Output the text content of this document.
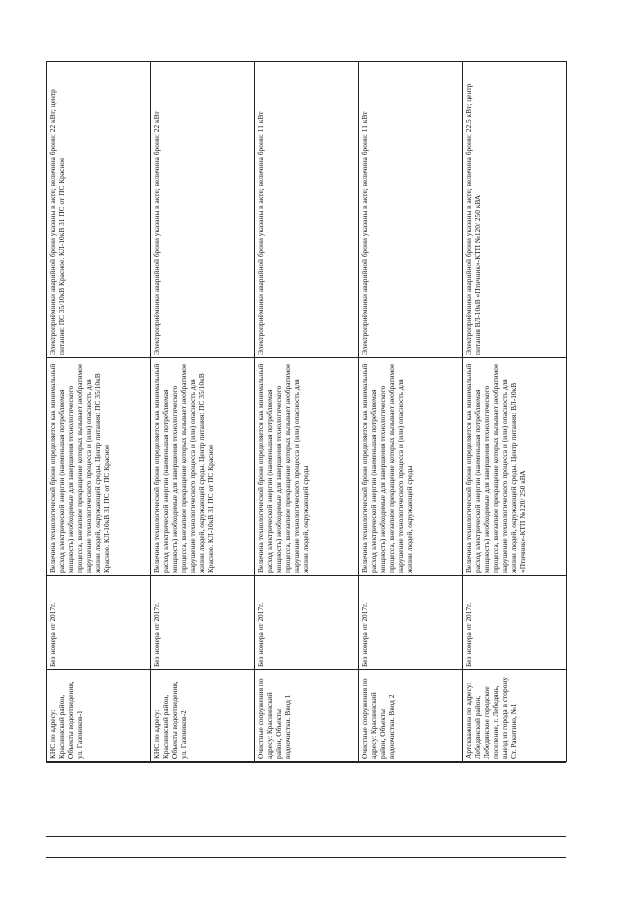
КНС по адресу: Краснинский район, Объекты водоотведения, ул. Газовиков-1	Без номера от 2017г.	Величина технологической брони определяется как минимальный расход электрической энергии (наименьшая потребляемая мощность) необходимые для завершения технологического процесса, внезапное прекращение которых вызывает необратимое нарушение технологического процесса и (или) опасность для жизни людей, окружающей среды. Центр питания: ПС 35/10кВ Красное. КЛ-10кВ 31 ПС от ПС Красное	Электроприёмники аварийной брони указаны в акте; величина брони: 22 кВт; центр питания: ПС 35/10кВ Красное. КЛ-10кВ 31 ПС от ПС Красное
КНС по адресу: Краснинский район, Объекты водоотведения, ул. Газовиков-2	Без номера от 2017г.	Величина технологической брони определяется как минимальный расход электрической энергии (наименьшая потребляемая мощность) необходимые для завершения технологического процесса, внезапное прекращение которых вызывает необратимое нарушение технологического процесса и (или) опасность для жизни людей, окружающей среды. Центр питания: ПС 35/10кВ Красное. КЛ-10кВ 31 ПС от ПС Красное	Электроприёмники аварийной брони указаны в акте; величина брони: 22 кВт
Очистные сооружения по адресу: Краснинский район, Объекты водоочистки. Ввод 1	Без номера от 2017г.	Величина технологической брони определяется как минимальный расход электрической энергии (наименьшая потребляемая мощность) необходимые для завершения технологического процесса, внезапное прекращение которых вызывает необратимое нарушение технологического процесса и (или) опасность для жизни людей, окружающей среды	Электроприёмники аварийной брони указаны в акте; величина брони: 11 кВт
Очистные сооружения по адресу: Краснинский район, Объекты водоочистки. Ввод 2	Без номера от 2017г.	Величина технологической брони определяется как минимальный расход электрической энергии (наименьшая потребляемая мощность) необходимые для завершения технологического процесса, внезапное прекращение которых вызывает необратимое нарушение технологического процесса и (или) опасность для жизни людей, окружающей среды	Электроприёмники аварийной брони указаны в акте; величина брони: 11 кВт
Артскважина по адресу: Лебедянский район, Лебедянское городское поселение, г. Лебедянь, выезд из города в сторону Ст. Ракитино, №1	Без номера от 2017г.	Величина технологической брони определяется как минимальный расход электрической энергии (наименьшая потребляемая мощность) необходимые для завершения технологического процесса, внезапное прекращение которых вызывает необратимое нарушение технологического процесса и (или) опасность для жизни людей, окружающей среды. Центр питания: ВЛ-10кВ «Птичник»-КТП №120/ 250 кВА	Электроприёмники аварийной брони указаны в акте; величина брони: 22.5 кВт; центр питания ВЛ-10кВ «Птичник»-КТП №120/ 250 кВА
